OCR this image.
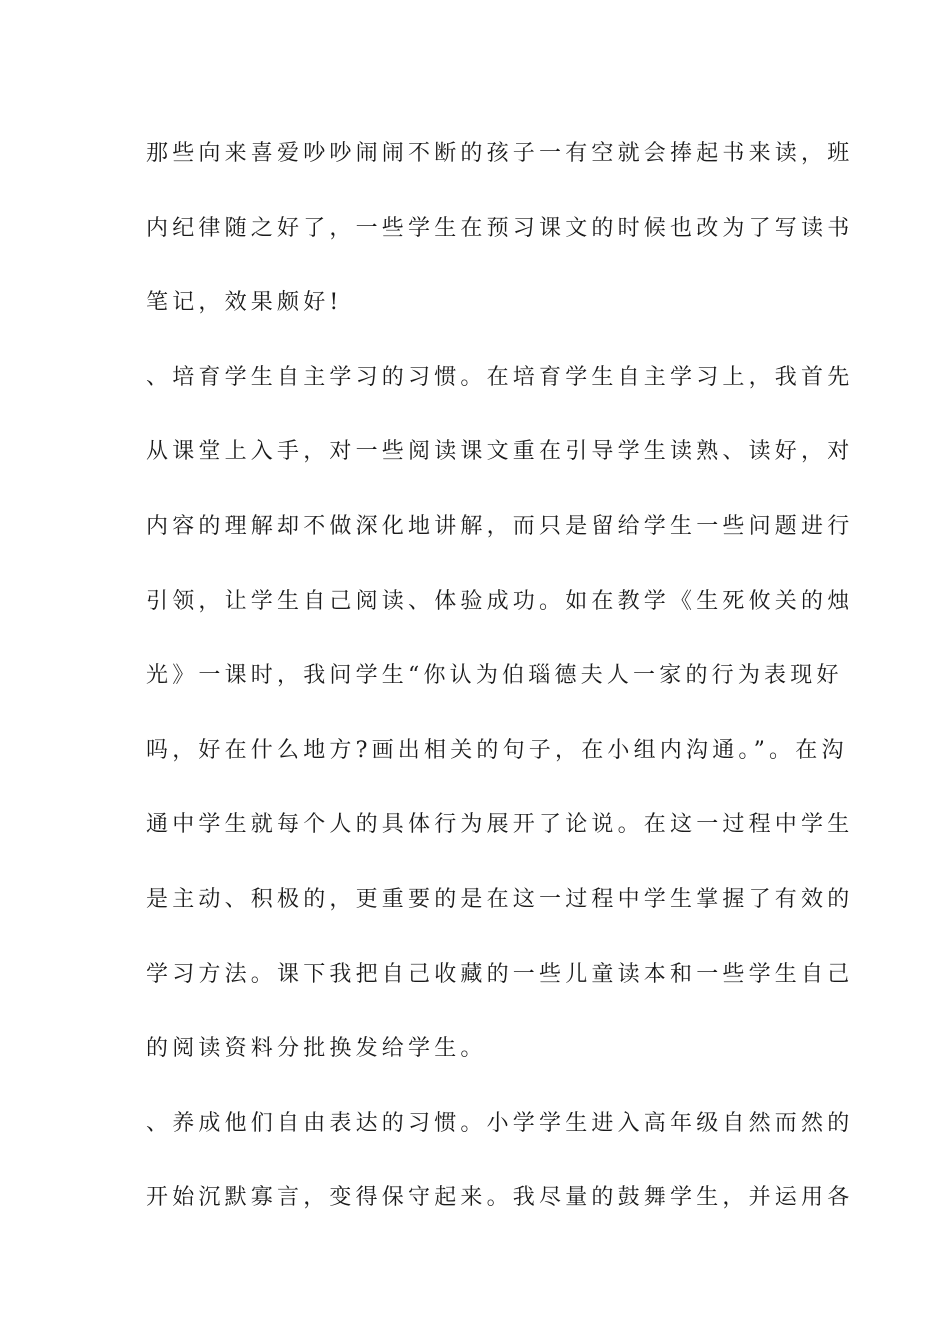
那些向来喜爱吵吵闹闹不断的孩子一有空就会捧起书来读，班
内纪律随之好了，一些学生在预习课文的时候也改为了写读书
笔记，效果颇好!
、培育学生自主学习的习惯。在培育学生自主学习上，我首先
从课堂上入手，对一些阅读课文重在引导学生读熟、读好，对
内容的理解却不做深化地讲解，而只是留给学生一些问题进行
引领，让学生自己阅读、体验成功。如在教学《生死攸关的烛
光》一课时，我问学生“你认为伯瑙德夫人一家的行为表现好
吗，好在什么地方?画出相关的句子，在小组内沟通。”。在沟
通中学生就每个人的具体行为展开了论说。在这一过程中学生
是主动、积极的，更重要的是在这一过程中学生掌握了有效的
学习方法。课下我把自己收藏的一些儿童读本和一些学生自己
的阅读资料分批换发给学生。
、养成他们自由表达的习惯。小学学生进入高年级自然而然的
开始沉默寡言，变得保守起来。我尽量的鼓舞学生，并运用各
